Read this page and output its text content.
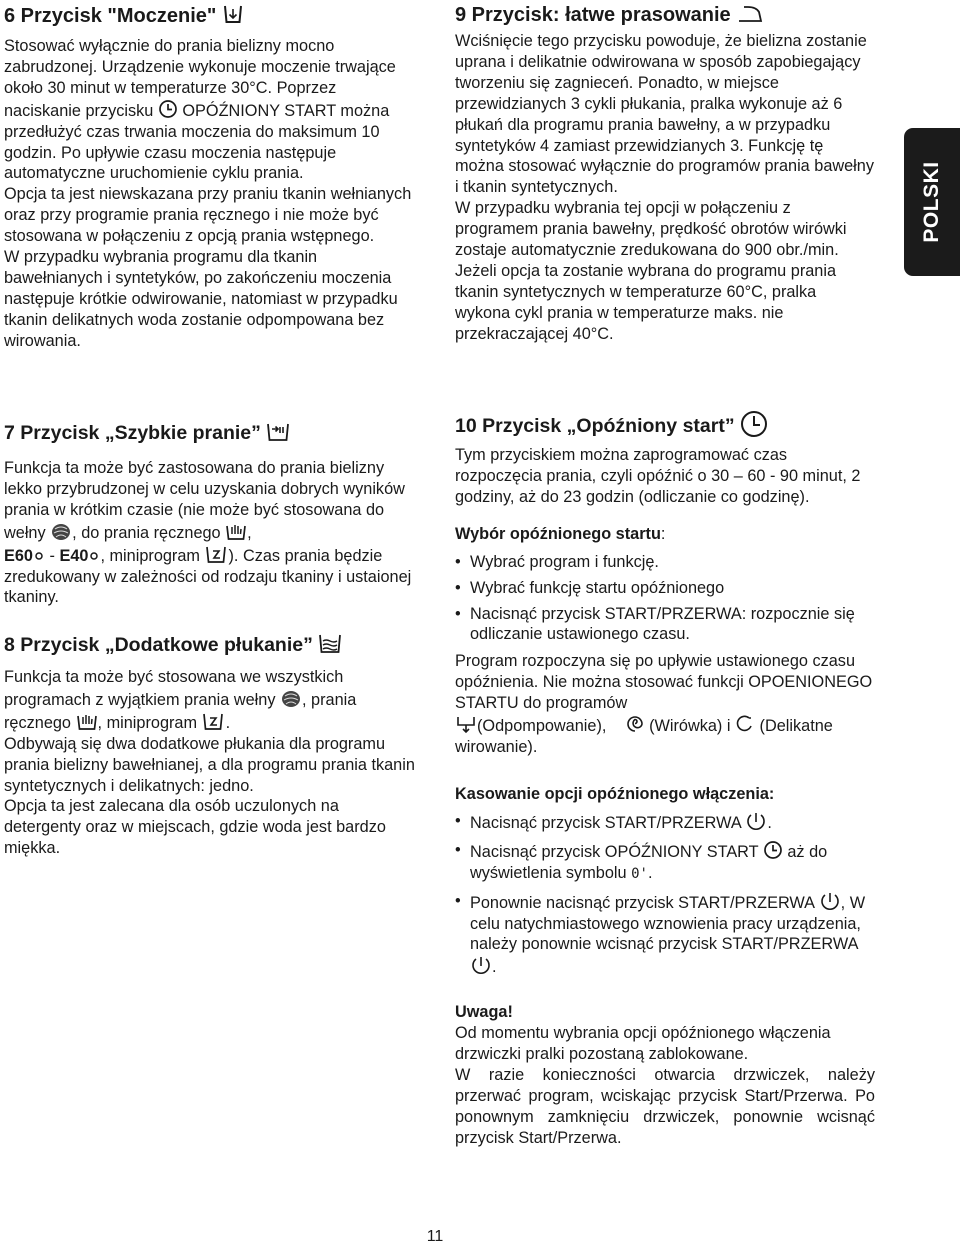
6 Przycisk "Moczenie"

Stosować wyłącznie do prania bielizny mocno zabrudzonej. Urządzenie wykonuje moczenie trwające około 30 minut w temperaturze 30°C. Poprzez naciskanie przycisku OPÓŹNIONY START można przedłużyć czas trwania moczenia do maksimum 10 godzin. Po upływie czasu moczenia następuje automatyczne uruchomienie cyklu prania.

Opcja ta jest niewskazana przy praniu tkanin wełnianych oraz przy programie prania ręcznego i nie może być stosowana w połączeniu z opcją prania wstępnego.

W przypadku wybrania programu dla tkanin bawełnianych i syntetyków, po zakończeniu moczenia następuje krótkie odwirowanie, natomiast w przypadku tkanin delikatnych woda zostanie odpompowana bez wirowania.

7 Przycisk „Szybkie pranie”

Funkcja ta może być zastosowana do prania bielizny lekko przybrudzonej w celu uzyskania dobrych wyników prania w krótkim czasie (nie może być stosowana do wełny , do prania ręcznego ,
E60
- E40 , miniprogram ). Czas prania będzie zredukowany w zależności od rodzaju tkaniny i ustaionej tkaniny.

8 Przycisk „Dodatkowe płukanie”

Funkcja ta może być stosowana we wszystkich programach z wyjątkiem prania wełny , prania ręcznego , miniprogram .

Odbywają się dwa dodatkowe płukania dla programu prania bielizny bawełnianej, a dla programu prania tkanin syntetycznych i delikatnych: jedno.

Opcja ta jest zalecana dla osób uczulonych na detergenty oraz w miejscach, gdzie woda jest bardzo miękka.

9 Przycisk: łatwe prasowanie

Wciśnięcie tego przycisku powoduje, że bielizna zostanie uprana i delikatnie odwirowana w sposób zapobiegający tworzeniu się zagnieceń. Ponadto, w miejsce przewidzianych 3 cykli płukania, pralka wykonuje aż 6 płukań dla programu prania bawełny, a w przypadku syntetyków 4 zamiast przewidzianych 3. Funkcję tę można stosować wyłącznie do programów prania bawełny i tkanin syntetycznych.

W przypadku wybrania tej opcji w połączeniu z programem prania bawełny, prędkość obrotów wirówki zostaje automatycznie zredukowana do 900 obr./min.

Jeżeli opcja ta zostanie wybrana do programu prania tkanin syntetycznych w temperaturze 60°C, pralka wykona cykl prania w temperaturze maks. nie przekraczającej 40°C.

10 Przycisk „Opóźniony start”

Tym przyciskiem można zaprogramować czas rozpoczęcia prania, czyli opóźnić o 30 – 60 - 90 minut, 2 godziny, aż do 23 godzin (odliczanie co godzinę).

Wybór opóźnionego startu:

• Wybrać program i funkcję.
• Wybrać funkcję startu opóźnionego
• Nacisnąć przycisk START/PRZERWA: rozpocznie się odliczanie ustawionego czasu.

Program rozpoczyna się po upływie ustawionego czasu opóźnienia. Nie można stosować funkcji OPOENIONEGO STARTU do programów

(Odpompowanie),	(Wirówka) i (Delikatne wirowanie).

Kasowanie opcji opóźnionego włączenia:

• Nacisnąć przycisk START/PRZERWA .
• Nacisnąć przycisk OPÓŹNIONY START aż do wyświetlenia symbolu 0'.
• Ponownie nacisnąć przycisk START/PRZERWA , W celu natychmiastowego wznowienia pracy urządzenia, należy ponownie wcisnąć przycisk START/PRZERWA
.

Uwaga!

Od momentu wybrania opcji opóźnionego włączenia drzwiczki pralki pozostaną zablokowane.

W razie konieczności otwarcia drzwiczek, należy przerwać program, wciskając przycisk Start/Przerwa. Po ponownym zamknięciu drzwiczek, ponownie wcisnąć przycisk Start/Przerwa.

POLSKI
11
